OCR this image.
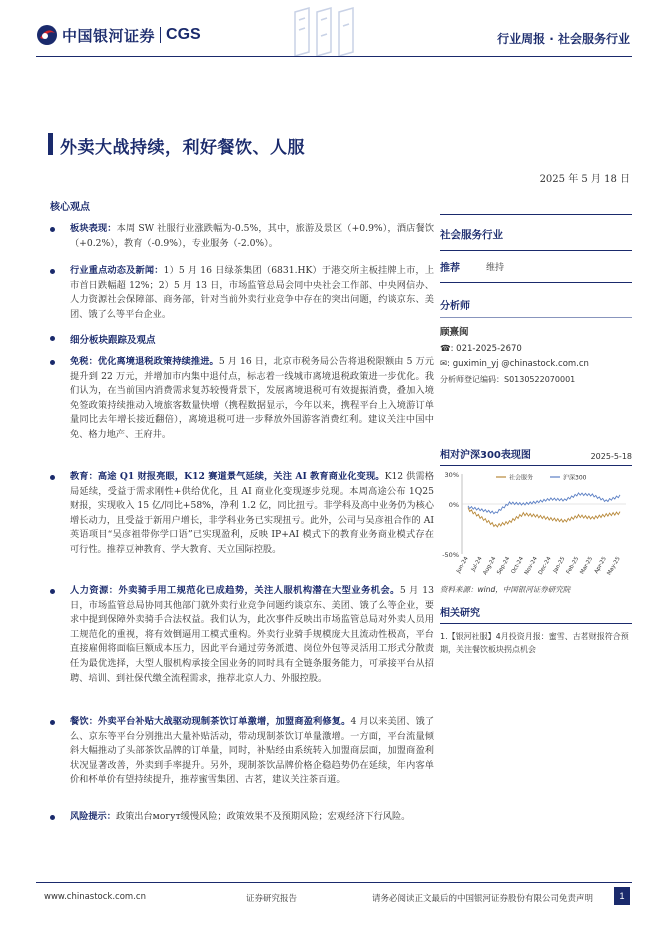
中国银河证券 CGS	行业周报 · 社会服务行业
外卖大战持续，利好餐饮、人服
2025 年 5 月 18 日
核心观点
板块表现：本周 SW 社服行业涨跌幅为-0.5%，其中，旅游及景区（+0.9%），酒店餐饮（+0.2%），教育（-0.9%），专业服务（-2.0%）。
行业重点动态及新闻：1）5 月 16 日绿茶集团（6831.HK）于港交所主板挂牌上市，上市首日跌幅超 12%；2）5 月 13 日，市场监管总局会同中央社会工作部、中央网信办、人力资源社会保障部、商务部，针对当前外卖行业竞争中存在的突出问题，约谈京东、美团、饿了么等平台企业。
细分板块跟踪及观点
免税：优化离境退税政策持续推进。5 月 16 日，北京市税务局公告将退税限额由 5 万元提升到 22 万元，并增加市内集中退付点，标志着一线城市离境退税政策进一步优化。我们认为，在当前国内消费需求复苏较慢背景下，发展离境退税可有效提振消费，叠加入境免签政策持续推动入境旅客数量快增（携程数据显示，今年以来，携程平台上入境游订单量同比去年增长接近翻倍），离境退税可进一步释放外国游客消费红利。建议关注中国中免、格力地产、王府井。
教育：高途 Q1 财报亮眼，K12 赛道景气延续，关注 AI 教育商业化变现。K12 供需格局延续，受益于需求刚性+供给优化，且 AI 商业化变现逐步兑现。本周高途公布 1Q25 财报，实现收入 15 亿/同比+58%，净利 1.2 亿，同比扭亏。非学科及高中业务仍为核心增长动力，且受益于新用户增长，非学科业务已实现扭亏。此外，公司与吴彦祖合作的 AI 英语项目“吴彦祖带你学口语”已实现盈利，反映 IP+AI 模式下的教育业务商业模式存在可行性。推荐豆神教育、学大教育、天立国际控股。
人力资源：外卖骑手用工规范化已成趋势，关注人服机构潜在大型业务机会。5 月 13 日，市场监管总局协同其他部门就外卖行业竞争问题约谈京东、美团、饿了么等企业，要求中提到保障外卖骑手合法权益。我们认为，此次事件反映出市场监管总局对外卖人员用工规范化的重视，将有效倒逼用工模式重构。外卖行业骑手规模庞大且流动性极高，平台直接雇佣将面临巨额成本压力，因此平台通过劳务派遣、岗位外包等灵活用工形式分散责任为最优选择，大型人服机构承接全国业务的同时具有全链条服务能力，可承接平台从招聘、培训、到社保代缴全流程需求，推荐北京人力、外服控股。
餐饮：外卖平台补贴大战驱动现制茶饮订单激增，加盟商盈利修复。4 月以来美团、饿了么、京东等平台分别推出大量补贴活动，带动现制茶饮订单量激增。一方面，平台流量倾斜大幅推动了头部茶饮品牌的订单量，同时，补贴经由系统转入加盟商层面，加盟商盈利状况显著改善，外卖到手率提升。另外，现制茶饮品牌价格企稳趋势仍在延续，年内客单价和杯单价有望持续提升，推荐蜜雪集团、古茗，建议关注茶百道。
风险提示：政策出台могут缓慢风险；政策效果不及预期风险；宏观经济下行风险。
社会服务行业
推荐	维持
分析师
顾熹闽
☎: 021-2025-2670
✉: guximin_yj @chinastock.com.cn
分析师登记编码：S0130522070001
相对沪深300表现图	2025-5-18
30%
0%
-50%
Jun-24 Jul-24
Aug-24
Sep-24 Oct-24
Nov-24
Dec-24 Jan-25 Feb-25 Mar-25 Apr-25
May-25
社会服务	沪深300
资料来源：wind，中国银河证券研究院
相关研究
1.【银河社服】4月投资月报：蜜雪、古茗财报符合预期，关注餐饮板块拐点机会
www.chinastock.com.cn	证券研究报告	请务必阅读正文最后的中国银河证券股份有限公司免责声明	1
